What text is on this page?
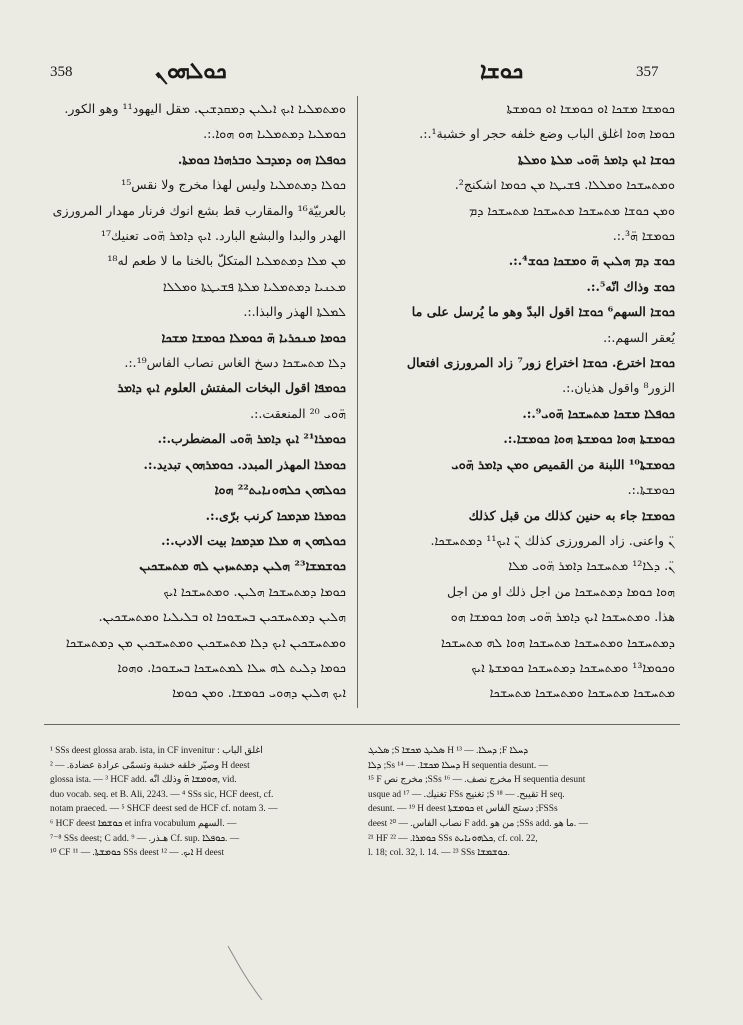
358	ܟܘܠܗܘܢ	ܟܘܫܐ	357
ܘܡܬܡܠܝܐ ܐܝܟ ܐܝܠܝܢ ܕܡܩܕܫܝܢ. ܡقل اليهود¹¹ وهو الكور.
ܟܘܡܠܝܐ ܕܡܬܡܠܝܐ ܗܘ ܗܘܐ.:.
ܟܘܦܠܐ ܗܘ ܕܡܕܒܠ ܘܒܪܗܪܐ ܟܘܡܬܐ.
ܟܘܠܐ ܕܡܬܡܠܝܐ وليس لهذا مخرج ولا نقس¹⁵
بالعربيّة¹⁶ والمقارب قط بشع انوك فرنار مهدار المرورزى
الهدر والبدا والبشع البارد. ܐܝܟ ܕܐܡܪ ܗ̈ܘܝ تعنيك¹⁷
ܡܢ ܡܠܐ ܕܡܬܡܠܝܐ المتكلّ بالخنا ما لا طعم له¹⁸
ܡܥܢܝܐ ܕܡܬܡܠܝܐ ܡܠܬܐ ܦܫܝܛܬܐ ܘܡܠܠܐ
ܠܡܠܬܐ الهذر والبذا.:.
ܟܘܡܐ ܡܢܟܪܝܐ ܗ̈ ܟܘܡܠܐ ܟܘܡܫܐ ܡܫܟܐ
ܕܠܐ ܡܬܚܫܟܐ دسخ الغاس نصاب الفاس¹⁹.:.
ܟܘܡܦܐ اقول البخات المفتش العلوم ܐܝܟ ܕܐܡܪ
ܗ̈ܘܝ ²⁰ المنعقت.:.
ܟܘܡܪܐ²¹ ܐܝܟ ܕܐܡܪ ܗ̈ܘܝ المضطرب.:.
ܟܘܡܪܐ المهذر المبدد. ܟܘܡܪܗܘܢ تبديد.:.
ܟܘܠܗܘܢ ܟܠܗܘܢܐܝܬ²² ܗܘܐ
ܟܘܡܪܐ ܡܕܡܟܐ كرنب برّى.:.
ܟܘܠܗܘܢ ܗ ܡܠܐ ܡܕܡܟܐ بيت الادب.:.
ܟܘܫܡܫܐ²³ ܗܠܝܢ ܕܡܬܚܙܝܢ ܠܗ ܡܬܚܫܟܝܢ
ܟܘܡܐ ܕܡܬܚܫܟܐ ܗܠܝܢ. ܘܡܬܚܫܟܐ ܐܝܟ
ܗܠܝܢ ܕܡܬܚܫܟܝܢ ܒܚܫܘܟܐ ܐܘ ܒܠܝܠܝܐ ܘܡܬܚܫܟܝܢ.
ܘܡܬܚܫܟܝܢ ܐܝܟ ܕܠܐ ܡܬܚܫܟܝܢ ܘܡܬܚܫܟܝܢ ܡܢ ܕܡܬܚܫܟܐ
ܟܘܡܐ ܕܠܝܬ ܠܗ ܚܠܐ ܠܡܬܚܫܟܐ ܒܚܫܘܟܐ. ܘܗܘܐ
ܐܝܟ ܗܠܝܢ ܕܗܘܝ ܟܘܡܫܐ. ܘܡܢ ܟܘܡܐ
ܟܘܡܫܐ ܡܫܟܐ ܐܘ ܟܘܡܫܐ ܐܘ ܟܘܡܫܬܐ
ܟܘܡܐ ܗܘܐ اغلق الباب وضع خلفه حجر او خشبة¹.:.
ܟܘܫܐ ܐܝܟ ܕܐܡܪ ܗ̈ܘܝ ܡܠܬܐ ܘܡܠܬܐ
ܘܡܬܚܫܟܐ ܘܡܠܠܐ. ܦܫܝܛܐ ܡܢ ܟܘܡܐ اشكنج².
ܘܡܢ ܟܘܫܐ ܡܬܚܫܟܐ ܡܬܚܫܟܐ ܡܬܚܫܟܐ ܕܡ
ܟܘܡܫܐ ܗ̈³.:.
ܟܘܫ ܕܡ ܗܠܝܢ ܗ̈ ܘܡܫܟܐ ܟܘܫ⁴.:.
ܟܘܫ وذاك انّه⁵.:.
ܟܘܫܐ السهم⁶ ܟܘܫܐ اقول البدّ وهو ما يُرسل على ما
يُعقر السهم.:.
ܟܘܫܐ اخترع. ܟܘܫܐ اختراع زور⁷ زاد المرورزى افتعال
الزور⁸ واقول هذيان.:.
ܟܘܦܠܐ ܡܫܟܐ ܡܬܚܫܟܐ ܗ̈ܘܝ⁹.:.
ܟܘܡܫܬܐ ܗܘܐ ܟܘܡܫܬܐ ܗܘܐ ܟܘܡܫܐ.:.
ܟܘܡܫܬܐ¹⁰ اللبنة من القميص ܘܡܢ ܕܐܡܪ ܗ̈ܘܝ
ܟܘܡܫܬܐ.:.
ܟܘܡܫܐ جاء به حنين كذلك من قبل كذلك
ܢ̈ واعنى. زاد المرورزى كذلك ܢ̈ ܐܝܟ¹¹ ܕܡܬܚܫܟܐ.
ܢ̈. ܕܠܐ¹² ܡܬܚܫܟܐ ܕܐܡܪ ܗ̈ܘܝ ܡܠܐ
ܗܘܐ ܟܘܡܐ ܕܡܬܚܫܟܐ من اجل ذلك او من اجل
هذا. ܘܡܬܚܫܟܐ ܐܝܟ ܕܐܡܪ ܗ̈ܘܝ ܗܘܐ ܟܘܡܫܐ ܗܘ
ܕܡܬܚܫܟܐ ܘܡܬܚܫܟܐ ܡܬܚܫܟܐ ܗܘܐ ܠܗ ܡܬܚܫܟܐ
ܘܟܘܡܐ¹³ ܘܡܬܚܫܟܐ ܕܡܬܚܫܟܐ ܟܘܡܫܬܐ ܐܝܟ
ܡܬܚܫܟܐ ܡܬܚܫܟܐ ܘܡܬܚܫܟܐ ܡܬܚܫܟܐ
¹ SSs deest glossa arab. ista, in CF invenitur : اغلق الباب
وصيّر خلقه خشبة وتسمّى عرادة عضادة. — ² H deest
glossa ista. — ³ HCF add. ܗܘܡܫܐ ܗ̈ وذلك انّه, vid.
duo vocab. seq. et B. Ali, 2243. — ⁴ SSs sic, HCF deest, cf.
notam praeced. — ⁵ SHCF deest sed de HCF cf. notam 3. —
⁶ HCF deest ܟܘܫܡܐ et infra vocabulum السهم. —
⁷⁻⁸ SSs deest; C add. هـذر. — ⁹ Cf. sup. ܟܘܦܠܐ. —
¹⁰ CF ܟܘܡܫܬܐ. — ¹¹ SSs deest ܐܝܟ. — ¹² H deest
ܣܠܝܓ ;S ܣܠܝܓ ܡܟܫܐ H ¹³ — .ܕܚܠܐ ;F ܕܚܠܐ
ܕܠܐ ;Ss ܕܚܠܐ ܡܟܫܐ. — ¹⁴ H sequentia desunt. —
¹⁵ F مخرج نص ;SSs مخرج نصف. — ¹⁶ H sequentia desunt
usque ad تغنيك. — ¹⁷ FSs تغنيج ;S تقيبح. — ¹⁸ H seq.
desunt. — ¹⁹ H deest ܟܘܡܫܬܐ et دستج الفاس ;FSSs
deest نصاب الفاس. — ²⁰ F add. من هو ;SSs add. ما هو. —
²¹ HF ܟܘܡܪܐ. — ²² SSs ܟܠܗܘܢܐܝܬ, cf. col. 22,
l. 18; col. 32, l. 14. — ²³ SSs ܟܘܫܡܫܐ.
